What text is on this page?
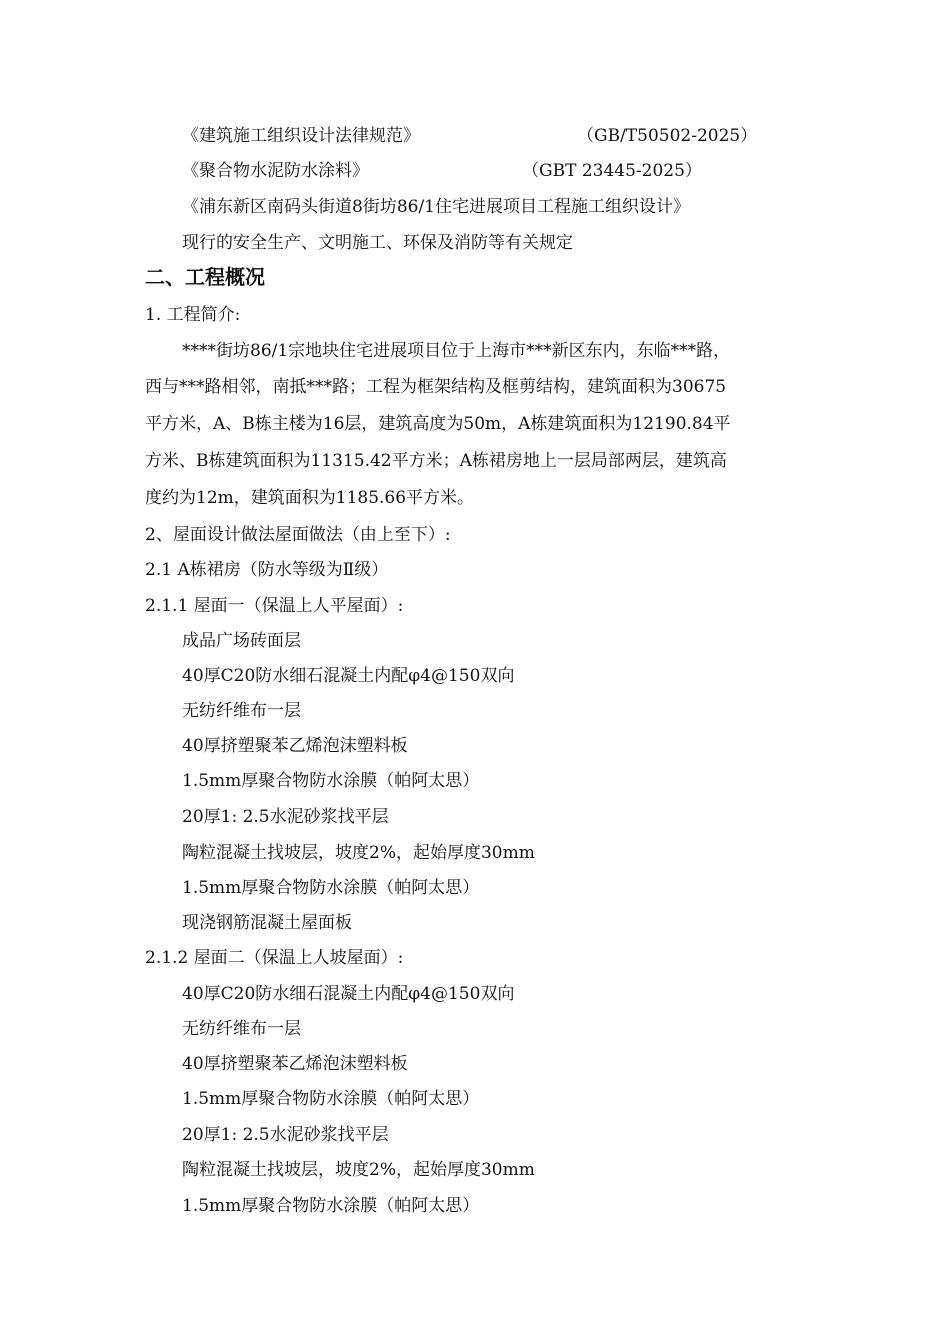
《建筑施工组织设计法律规范》	（GB/T50502-2025）
《聚合物水泥防水涂料》	（GBT 23445-2025）
《浦东新区南码头街道8街坊86/1住宅进展项目工程施工组织设计》
现行的安全生产、文明施工、环保及消防等有关规定
二、工程概况
1. 工程简介:
****街坊86/1宗地块住宅进展项目位于上海市***新区东内，东临***路，
西与***路相邻，南抵***路；工程为框架结构及框剪结构，建筑面积为30675
平方米，A、B栋主楼为16层，建筑高度为50m，A栋建筑面积为12190.84平
方米、B栋建筑面积为11315.42平方米；A栋裙房地上一层局部两层，建筑高
度约为12m，建筑面积为1185.66平方米。
2、屋面设计做法屋面做法（由上至下）:
2.1 A栋裙房（防水等级为Ⅱ级）
2.1.1 屋面一（保温上人平屋面）:
成品广场砖面层
40厚C20防水细石混凝土内配φ4@150双向
无纺纤维布一层
40厚挤塑聚苯乙烯泡沫塑料板
1.5mm厚聚合物防水涂膜（帕阿太思）
20厚1: 2.5水泥砂浆找平层
陶粒混凝土找坡层，坡度2%，起始厚度30mm
1.5mm厚聚合物防水涂膜（帕阿太思）
现浇钢筋混凝土屋面板
2.1.2 屋面二（保温上人坡屋面）:
40厚C20防水细石混凝土内配φ4@150双向
无纺纤维布一层
40厚挤塑聚苯乙烯泡沫塑料板
1.5mm厚聚合物防水涂膜（帕阿太思）
20厚1: 2.5水泥砂浆找平层
陶粒混凝土找坡层，坡度2%，起始厚度30mm
1.5mm厚聚合物防水涂膜（帕阿太思）
